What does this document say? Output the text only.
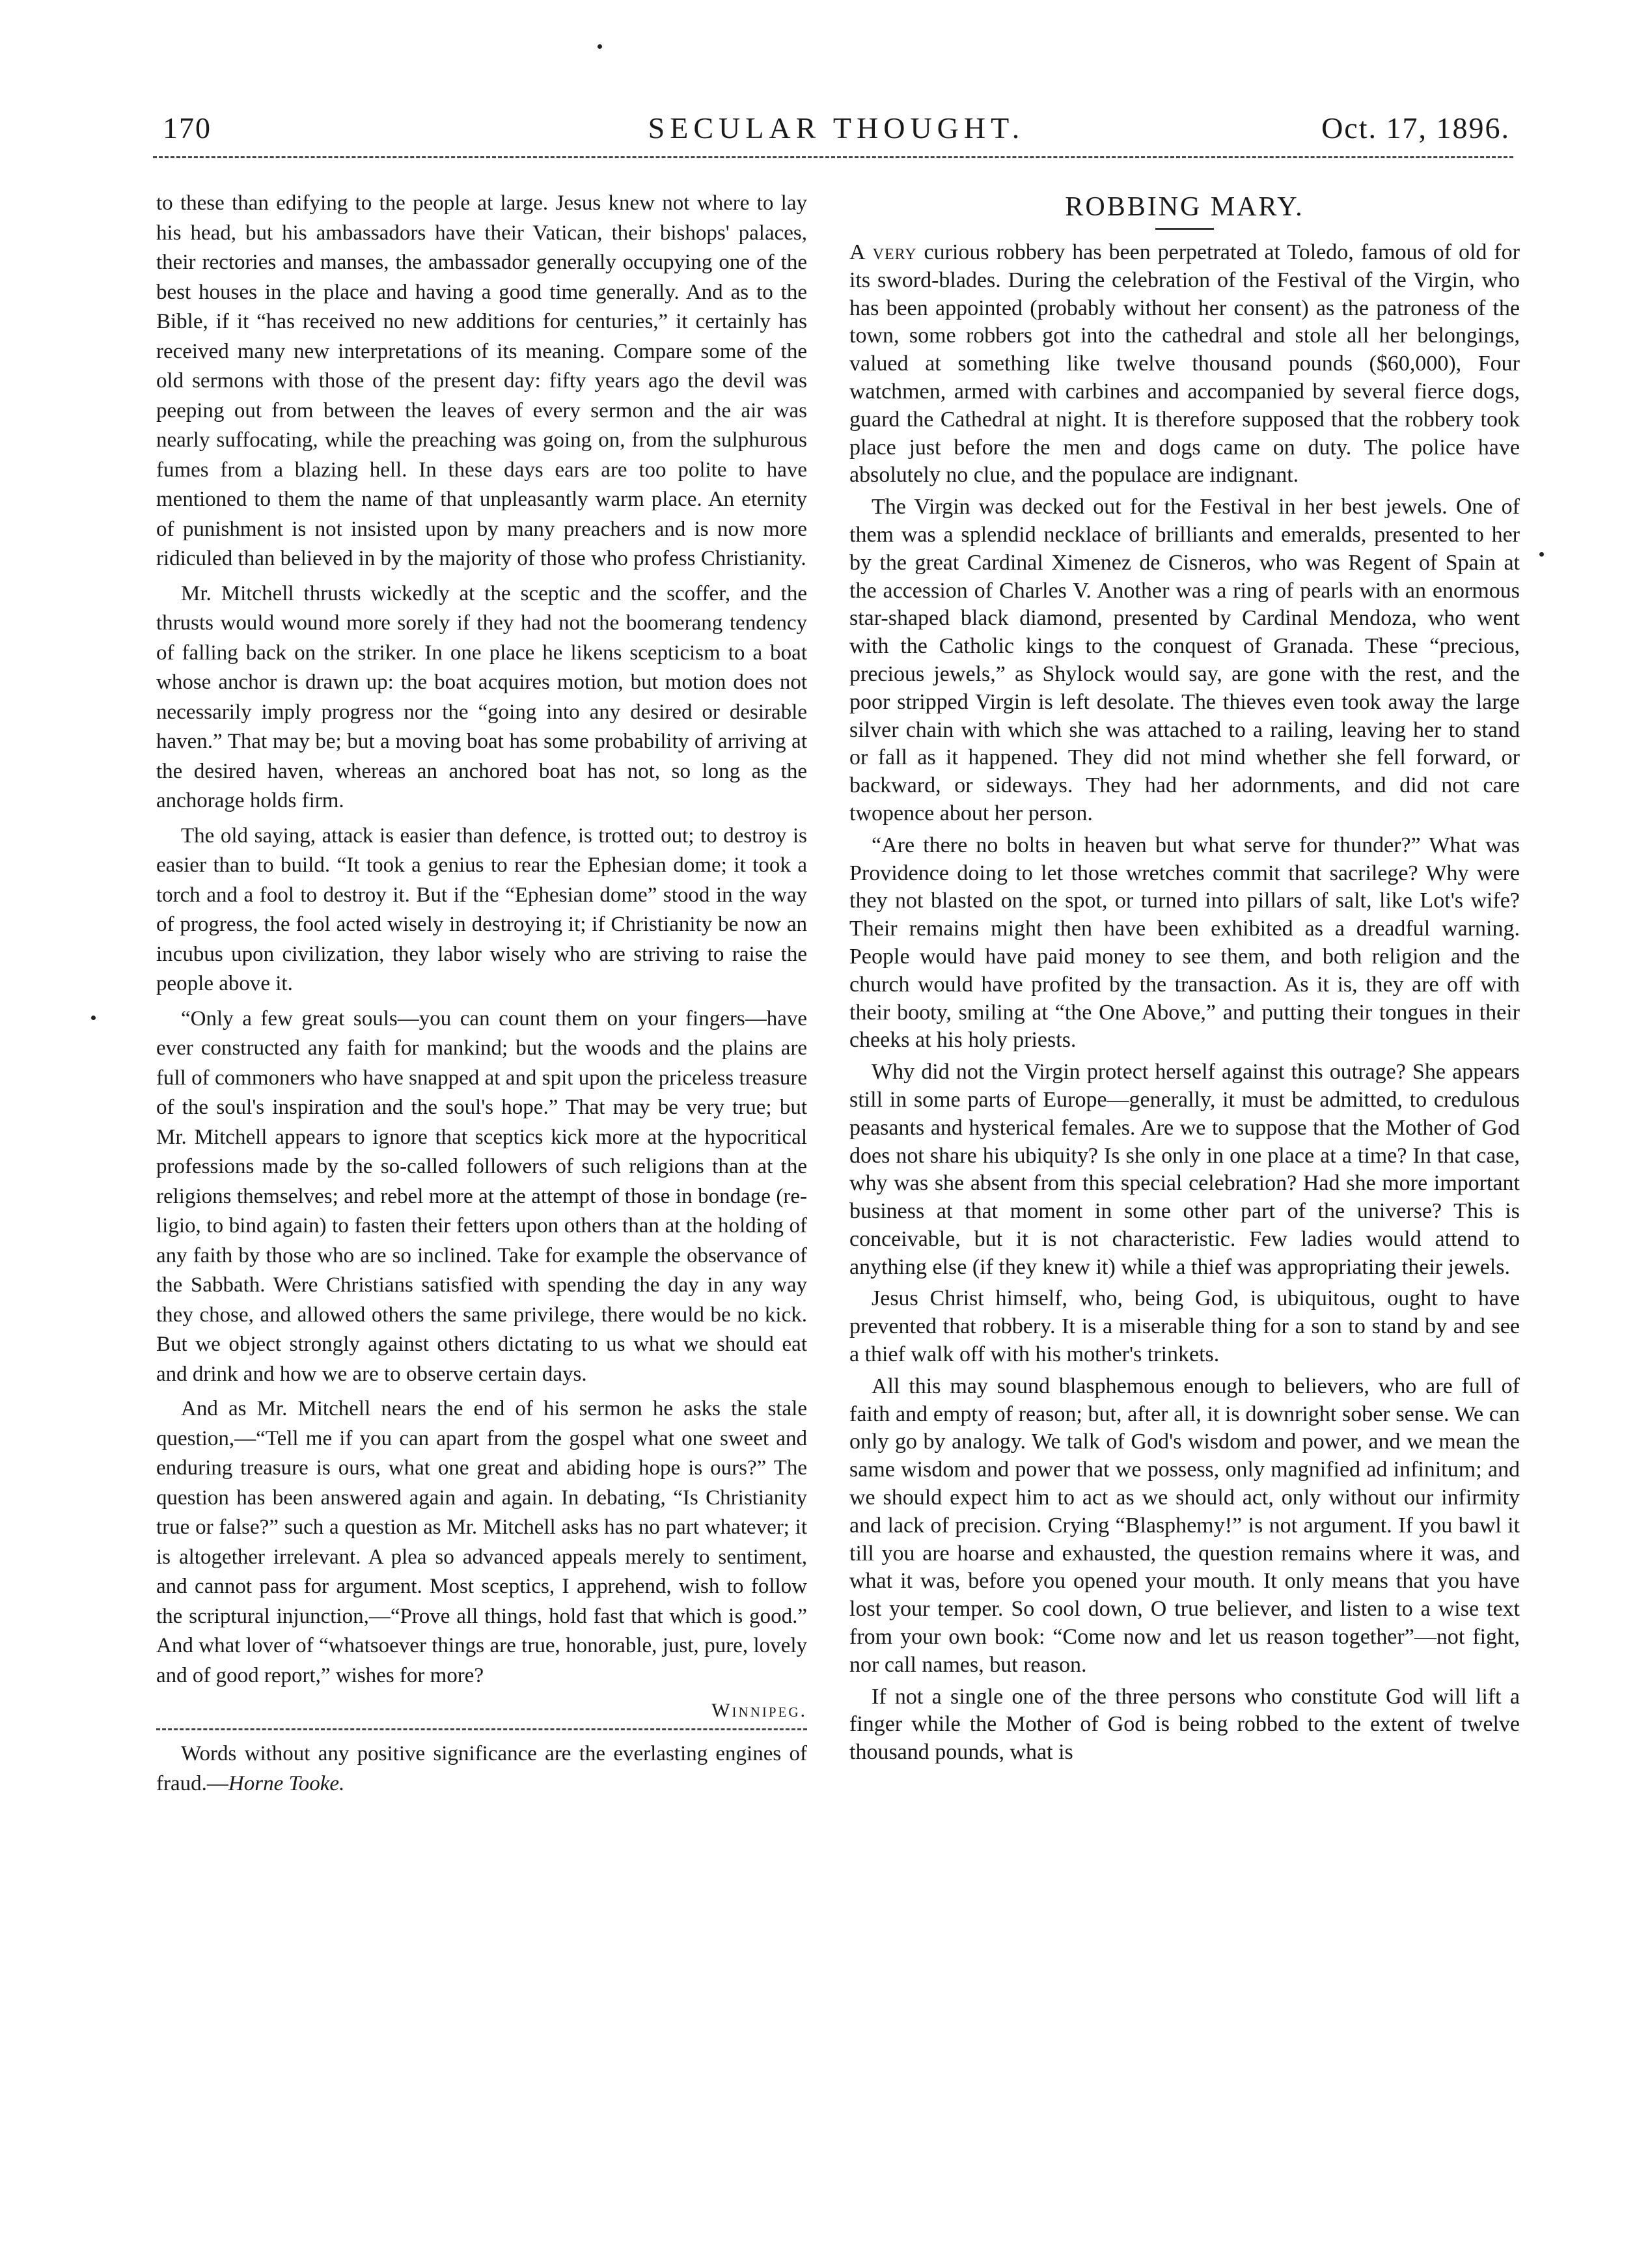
170	SECULAR THOUGHT.	Oct. 17, 1896.

to these than edifying to the people at large. Jesus knew not where to lay his head, but his ambassadors have their Vatican, their bishops' palaces, their rectories and manses, the ambassador generally occupying one of the best houses in the place and having a good time generally. And as to the Bible, if it “has received no new additions for centuries,” it certainly has received many new interpretations of its meaning. Compare some of the old sermons with those of the present day: fifty years ago the devil was peeping out from between the leaves of every sermon and the air was nearly suffocating, while the preaching was going on, from the sulphurous fumes from a blazing hell. In these days ears are too polite to have mentioned to them the name of that unpleasantly warm place. An eternity of punishment is not insisted upon by many preachers and is now more ridiculed than believed in by the majority of those who profess Christianity.

Mr. Mitchell thrusts wickedly at the sceptic and the scoffer, and the thrusts would wound more sorely if they had not the boomerang tendency of falling back on the striker. In one place he likens scepticism to a boat whose anchor is drawn up: the boat acquires motion, but motion does not necessarily imply progress nor the “going into any desired or desirable haven.” That may be; but a moving boat has some probability of arriving at the desired haven, whereas an anchored boat has not, so long as the anchorage holds firm.

The old saying, attack is easier than defence, is trotted out; to destroy is easier than to build. “It took a genius to rear the Ephesian dome; it took a torch and a fool to destroy it. But if the “Ephesian dome” stood in the way of progress, the fool acted wisely in destroying it; if Christianity be now an incubus upon civilization, they labor wisely who are striving to raise the people above it.

“Only a few great souls—you can count them on your fingers—have ever constructed any faith for mankind; but the woods and the plains are full of commoners who have snapped at and spit upon the priceless treasure of the soul's inspiration and the soul's hope.” That may be very true; but Mr. Mitchell appears to ignore that sceptics kick more at the hypocritical professions made by the so-called followers of such religions than at the religions themselves; and rebel more at the attempt of those in bondage (re-ligio, to bind again) to fasten their fetters upon others than at the holding of any faith by those who are so inclined. Take for example the observance of the Sabbath. Were Christians satisfied with spending the day in any way they chose, and allowed others the same privilege, there would be no kick. But we object strongly against others dictating to us what we should eat and drink and how we are to observe certain days.

And as Mr. Mitchell nears the end of his sermon he asks the stale question,—“Tell me if you can apart from the gospel what one sweet and enduring treasure is ours, what one great and abiding hope is ours?” The question has been answered again and again. In debating, “Is Christianity true or false?” such a question as Mr. Mitchell asks has no part whatever; it is altogether irrelevant. A plea so advanced appeals merely to sentiment, and cannot pass for argument. Most sceptics, I apprehend, wish to follow the scriptural injunction,—“Prove all things, hold fast that which is good.” And what lover of “whatsoever things are true, honorable, just, pure, lovely and of good report,” wishes for more?

Winnipeg.

Words without any positive significance are the everlasting engines of fraud.—Horne Tooke.

ROBBING MARY.

A very curious robbery has been perpetrated at Toledo, famous of old for its sword-blades. During the celebration of the Festival of the Virgin, who has been appointed (probably without her consent) as the patroness of the town, some robbers got into the cathedral and stole all her belongings, valued at something like twelve thousand pounds ($60,000), Four watchmen, armed with carbines and accompanied by several fierce dogs, guard the Cathedral at night. It is therefore supposed that the robbery took place just before the men and dogs came on duty. The police have absolutely no clue, and the populace are indignant.

The Virgin was decked out for the Festival in her best jewels. One of them was a splendid necklace of brilliants and emeralds, presented to her by the great Cardinal Ximenez de Cisneros, who was Regent of Spain at the accession of Charles V. Another was a ring of pearls with an enormous star-shaped black diamond, presented by Cardinal Mendoza, who went with the Catholic kings to the conquest of Granada. These “precious, precious jewels,” as Shylock would say, are gone with the rest, and the poor stripped Virgin is left desolate. The thieves even took away the large silver chain with which she was attached to a railing, leaving her to stand or fall as it happened. They did not mind whether she fell forward, or backward, or sideways. They had her adornments, and did not care twopence about her person.

“Are there no bolts in heaven but what serve for thunder?” What was Providence doing to let those wretches commit that sacrilege? Why were they not blasted on the spot, or turned into pillars of salt, like Lot's wife? Their remains might then have been exhibited as a dreadful warning. People would have paid money to see them, and both religion and the church would have profited by the transaction. As it is, they are off with their booty, smiling at “the One Above,” and putting their tongues in their cheeks at his holy priests.

Why did not the Virgin protect herself against this outrage? She appears still in some parts of Europe—generally, it must be admitted, to credulous peasants and hysterical females. Are we to suppose that the Mother of God does not share his ubiquity? Is she only in one place at a time? In that case, why was she absent from this special celebration? Had she more important business at that moment in some other part of the universe? This is conceivable, but it is not characteristic. Few ladies would attend to anything else (if they knew it) while a thief was appropriating their jewels.

Jesus Christ himself, who, being God, is ubiquitous, ought to have prevented that robbery. It is a miserable thing for a son to stand by and see a thief walk off with his mother's trinkets.

All this may sound blasphemous enough to believers, who are full of faith and empty of reason; but, after all, it is downright sober sense. We can only go by analogy. We talk of God's wisdom and power, and we mean the same wisdom and power that we possess, only magnified ad infinitum; and we should expect him to act as we should act, only without our infirmity and lack of precision. Crying “Blasphemy!” is not argument. If you bawl it till you are hoarse and exhausted, the question remains where it was, and what it was, before you opened your mouth. It only means that you have lost your temper. So cool down, O true believer, and listen to a wise text from your own book: “Come now and let us reason together”—not fight, nor call names, but reason.

If not a single one of the three persons who constitute God will lift a finger while the Mother of God is being robbed to the extent of twelve thousand pounds, what is
